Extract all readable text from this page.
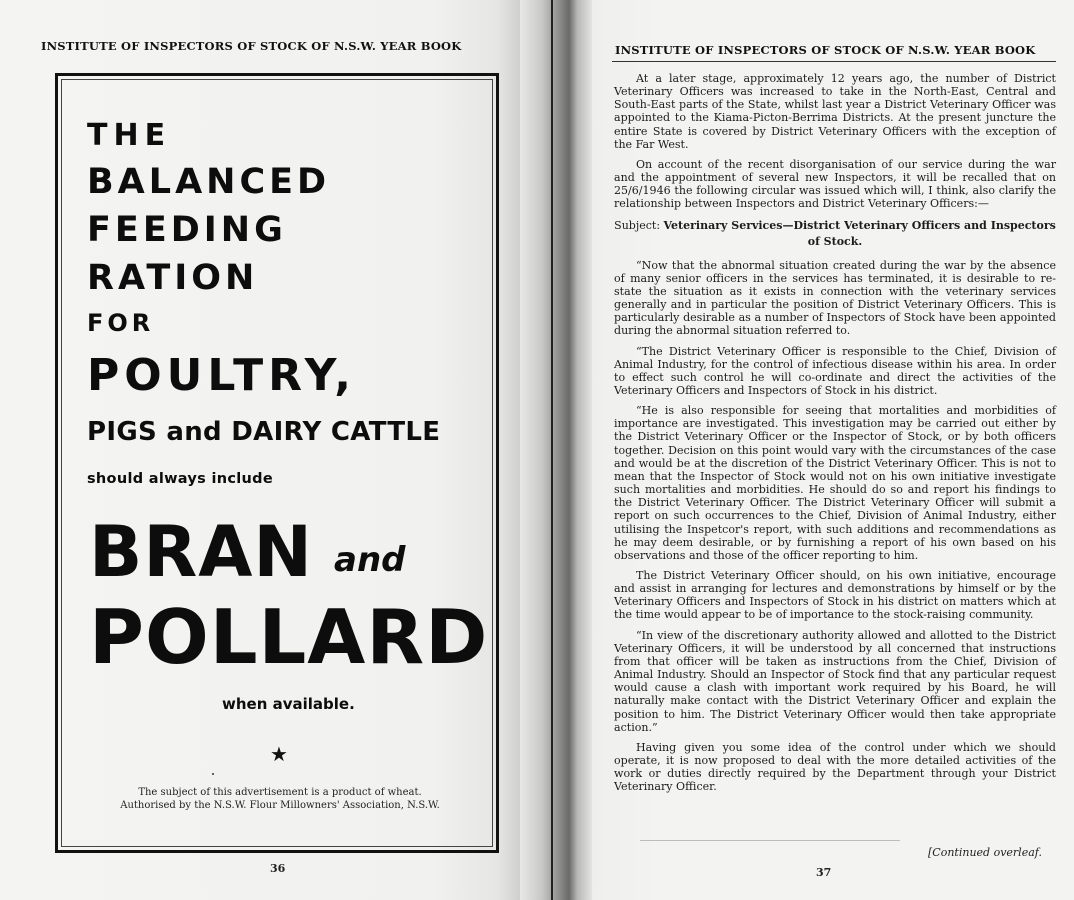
INSTITUTE OF INSPECTORS OF STOCK OF N.S.W. YEAR BOOK
THE
BALANCED
FEEDING
RATION
FOR
POULTRY,
PIGS and DAIRY CATTLE
should always include
BRAN and
POLLARD
when available.
★
The subject of this advertisement is a product of wheat.
Authorised by the N.S.W. Flour Millowners' Association, N.S.W.
36
INSTITUTE OF INSPECTORS OF STOCK OF N.S.W. YEAR BOOK

At a later stage, approximately 12 years ago, the number of District Veterinary Officers was increased to take in the North-East, Central and South-East parts of the State, whilst last year a District Veterinary Officer was appointed to the Kiama-Picton-Berrima Districts. At the present juncture the entire State is covered by District Veterinary Officers with the exception of the Far West.

On account of the recent disorganisation of our service during the war and the appointment of several new Inspectors, it will be recalled that on 25/6/1946 the following circular was issued which will, I think, also clarify the relationship between Inspectors and District Veterinary Officers:—

Subject: Veterinary Services—District Veterinary Officers and Inspectors of Stock.

“Now that the abnormal situation created during the war by the absence of many senior officers in the services has terminated, it is desirable to re-state the situation as it exists in connection with the veterinary services generally and in particular the position of District Veterinary Officers. This is particularly desirable as a number of Inspectors of Stock have been appointed during the abnormal situation referred to.

“The District Veterinary Officer is responsible to the Chief, Division of Animal Industry, for the control of infectious disease within his area. In order to effect such control he will co-ordinate and direct the activities of the Veterinary Officers and Inspectors of Stock in his district.

“He is also responsible for seeing that mortalities and morbidities of importance are investigated. This investigation may be carried out either by the District Veterinary Officer or the Inspector of Stock, or by both officers together. Decision on this point would vary with the circumstances of the case and would be at the discretion of the District Veterinary Officer. This is not to mean that the Inspector of Stock would not on his own initiative investigate such mortalities and morbidities. He should do so and report his findings to the District Veterinary Officer. The District Veterinary Officer will submit a report on such occurrences to the Chief, Division of Animal Industry, either utilising the Inspetcor's report, with such additions and recommendations as he may deem desirable, or by furnishing a report of his own based on his observations and those of the officer reporting to him.

The District Veterinary Officer should, on his own initiative, encourage and assist in arranging for lectures and demonstrations by himself or by the Veterinary Officers and Inspectors of Stock in his district on matters which at the time would appear to be of importance to the stock-raising community.

“In view of the discretionary authority allowed and allotted to the District Veterinary Officers, it will be understood by all concerned that instructions from that officer will be taken as instructions from the Chief, Division of Animal Industry. Should an Inspector of Stock find that any particular request would cause a clash with important work required by his Board, he will naturally make contact with the District Veterinary Officer and explain the position to him. The District Veterinary Officer would then take appropriate action.”

Having given you some idea of the control under which we should operate, it is now proposed to deal with the more detailed activities of the work or duties directly required by the Department through your District Veterinary Officer.

[Continued overleaf.
37
